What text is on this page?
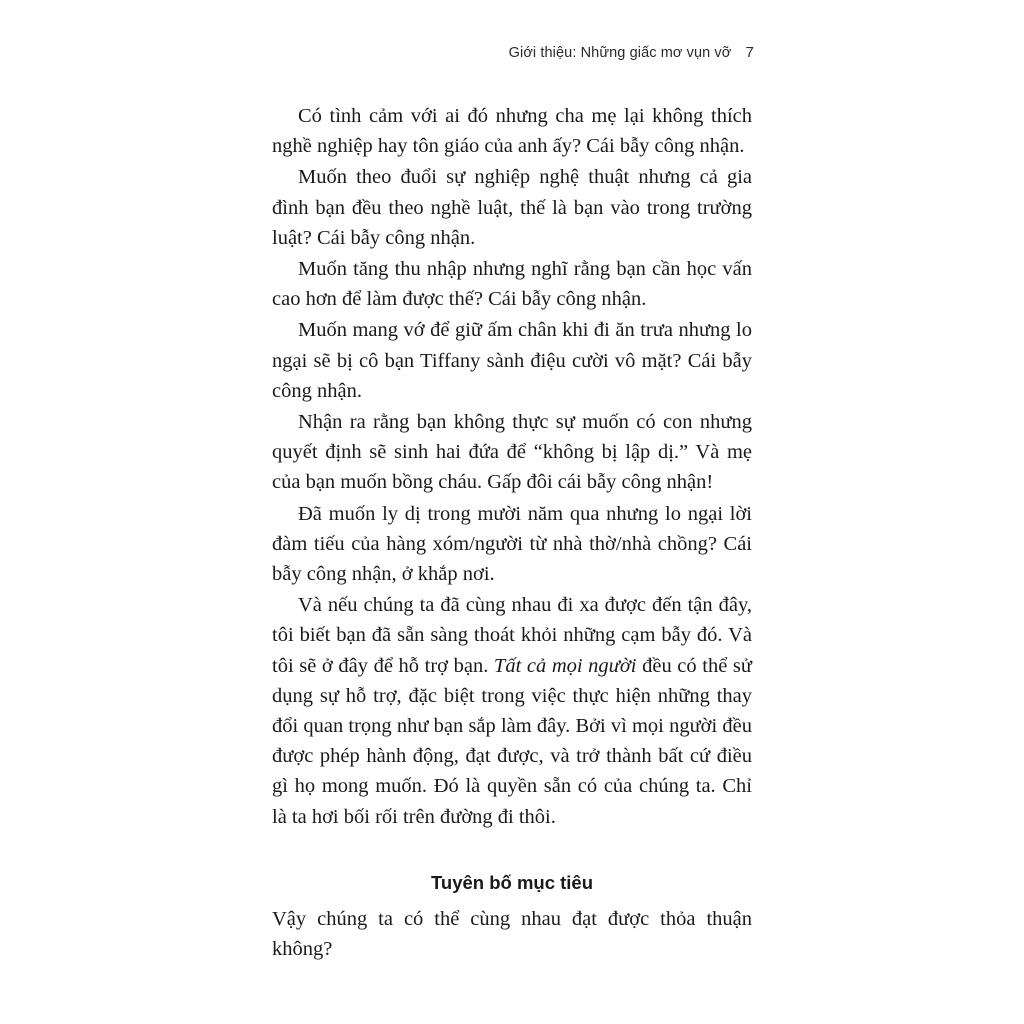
Giới thiệu: Những giấc mơ vụn vỡ 7

Có tình cảm với ai đó nhưng cha mẹ lại không thích nghề nghiệp hay tôn giáo của anh ấy? Cái bẫy công nhận.

Muốn theo đuổi sự nghiệp nghệ thuật nhưng cả gia đình bạn đều theo nghề luật, thế là bạn vào trong trường luật? Cái bẫy công nhận.

Muốn tăng thu nhập nhưng nghĩ rằng bạn cần học vấn cao hơn để làm được thế? Cái bẫy công nhận.

Muốn mang vớ để giữ ấm chân khi đi ăn trưa nhưng lo ngại sẽ bị cô bạn Tiffany sành điệu cười vô mặt? Cái bẫy công nhận.

Nhận ra rằng bạn không thực sự muốn có con nhưng quyết định sẽ sinh hai đứa để “không bị lập dị.” Và mẹ của bạn muốn bồng cháu. Gấp đôi cái bẫy công nhận!

Đã muốn ly dị trong mười năm qua nhưng lo ngại lời đàm tiếu của hàng xóm/người từ nhà thờ/nhà chồng? Cái bẫy công nhận, ở khắp nơi.

Và nếu chúng ta đã cùng nhau đi xa được đến tận đây, tôi biết bạn đã sẵn sàng thoát khỏi những cạm bẫy đó. Và tôi sẽ ở đây để hỗ trợ bạn. Tất cả mọi người đều có thể sử dụng sự hỗ trợ, đặc biệt trong việc thực hiện những thay đổi quan trọng như bạn sắp làm đây. Bởi vì mọi người đều được phép hành động, đạt được, và trở thành bất cứ điều gì họ mong muốn. Đó là quyền sẵn có của chúng ta. Chỉ là ta hơi bối rối trên đường đi thôi.

Tuyên bố mục tiêu

Vậy chúng ta có thể cùng nhau đạt được thỏa thuận không?
